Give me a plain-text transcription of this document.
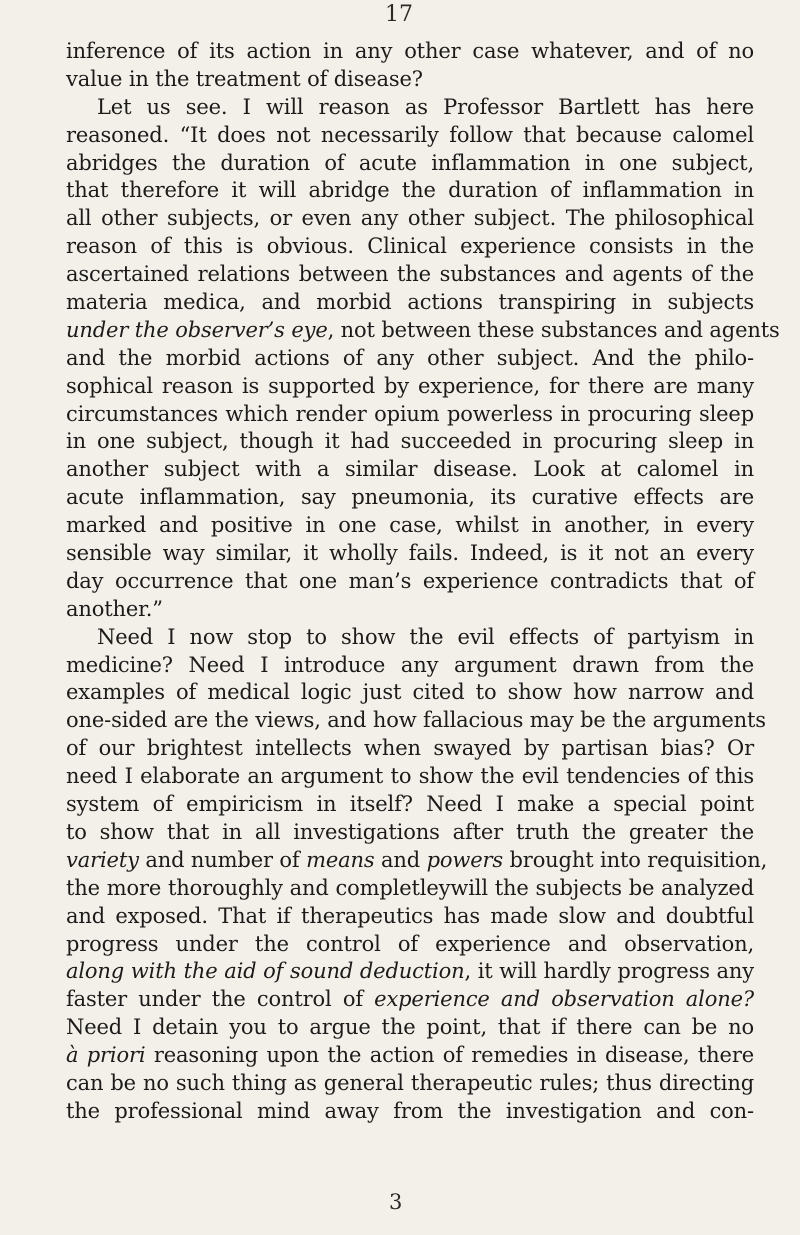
17
inference of its action in any other case whatever, and of no
value in the treatment of disease?
Let us see. I will reason as Professor Bartlett has here
reasoned. “It does not necessarily follow that because calomel
abridges the duration of acute inflammation in one subject,
that therefore it will abridge the duration of inflammation in
all other subjects, or even any other subject. The philosophical
reason of this is obvious. Clinical experience consists in the
ascertained relations between the substances and agents of the
materia medica, and morbid actions transpiring in subjects
under the observer’s eye, not between these substances and agents
and the morbid actions of any other subject. And the philo-
sophical reason is supported by experience, for there are many
circumstances which render opium powerless in procuring sleep
in one subject, though it had succeeded in procuring sleep in
another subject with a similar disease. Look at calomel in
acute inflammation, say pneumonia, its curative effects are
marked and positive in one case, whilst in another, in every
sensible way similar, it wholly fails. Indeed, is it not an every
day occurrence that one man’s experience contradicts that of
another.”
Need I now stop to show the evil effects of partyism in
medicine? Need I introduce any argument drawn from the
examples of medical logic just cited to show how narrow and
one-sided are the views, and how fallacious may be the arguments
of our brightest intellects when swayed by partisan bias? Or
need I elaborate an argument to show the evil tendencies of this
system of empiricism in itself? Need I make a special point
to show that in all investigations after truth the greater the
variety and number of means and powers brought into requisition,
the more thoroughly and completleywill the subjects be analyzed
and exposed. That if therapeutics has made slow and doubtful
progress under the control of experience and observation,
along with the aid of sound deduction, it will hardly progress any
faster under the control of experience and observation alone?
Need I detain you to argue the point, that if there can be no
à priori reasoning upon the action of remedies in disease, there
can be no such thing as general therapeutic rules; thus directing
the professional mind away from the investigation and con-
3
